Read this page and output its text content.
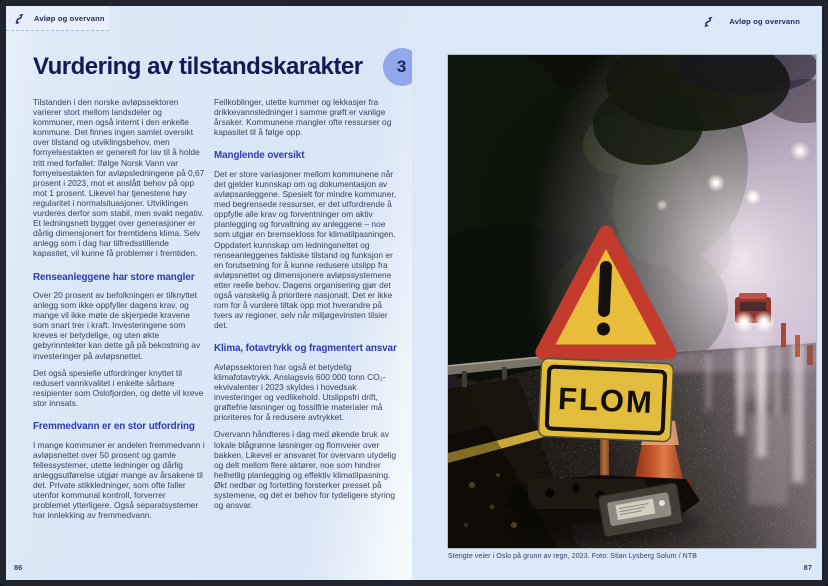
Avløp og overvann
Vurdering av tilstandskarakter	3

Tilstanden i den norske avløpssektoren varierer stort mellom landsdeler og kommuner, men også internt i den enkelte kommune. Det finnes ingen samlet oversikt over tilstand og utviklingsbehov, men fornyelsestakten er generelt for lav til å holde tritt med forfallet: Ifølge Norsk Vann var fornyelsestakten for avløpsledningene på 0,67 prosent i 2023, mot et anslått behov på opp mot 1 prosent. Likevel har tjenestene høy regularitet i normalsituasjoner. Utviklingen vurderes derfor som stabil, men svakt negativ. Et ledningsnett bygget over generasjoner er dårlig dimensjonert for fremtidens klima. Selv anlegg som i dag har tilfredsstillende kapasitet, vil kunne få problemer i fremtiden.

Renseanleggene har store mangler

Over 20 prosent av befolkningen er tilknyttet anlegg som ikke oppfyller dagens krav, og mange vil ikke møte de skjerpede kravene som snart trer i kraft. Investeringene som kreves er betydelige, og uten økte gebyrinntekter kan dette gå på bekostning av investeringer på avløpsnettet.

Det også spesielle utfordringer knyttet til redusert vannkvalitet i enkelte sårbare resipienter som Oslofjorden, og dette vil kreve stor innsats.

Fremmedvann er en stor utfordring

I mange kommuner er andelen fremmedvann i avløpsnettet over 50 prosent og gamle fellessystemer, utette ledninger og dårlig anleggsutførelse utgjør mange av årsakene til det. Private stikkledninger, som ofte faller utenfor kommunal kontroll, forverrer problemet ytterligere. Også separatsystemer har innlekking av fremmedvann.

Feilkoblinger, utette kummer og lekkasjer fra drikkevannsledninger i samme grøft er vanlige årsaker. Kommunene mangler ofte ressurser og kapasitet til å følge opp.

Manglende oversikt

Det er store variasjoner mellom kommunene når det gjelder kunnskap om og dokumentasjon av avløpsanleggene. Spesielt for mindre kommuner, med begrensede ressurser, er det utfordrende å oppfylle alle krav og forventninger om aktiv planlegging og forvaltning av anleggene – noe som utgjør en bremsekloss for klimatilpasningen. Oppdatert kunnskap om ledningsnettet og renseanleggenes faktiske tilstand og funksjon er en forutsetning for å kunne redusere utslipp fra avløpsnettet og dimensjonere avløpssystemene etter reelle behov. Dagens organisering gjør det også vanskelig å prioritere nasjonalt. Det er ikke rom for å vurdere tiltak opp mot hverandre på tvers av regioner, selv når miljøgevinsten tilsier det.

Klima, fotavtrykk og fragmentert ansvar

Avløpssektoren har også et betydelig klimafotavtrykk. Anslagsvis 600 000 tonn CO₂-ekvivalenter i 2023 skyldes i hovedsak investeringer og vedlikehold. Utslippsfri drift, grøftefrie løsninger og fossilfrie materialer må prioriteres for å redusere avtrykket.

Overvann håndteres i dag med økende bruk av lokale blågrønne løsninger og flomveier over bakken. Likevel er ansvaret for overvann utydelig og delt mellom flere aktører, noe som hindrer helhetlig planlegging og effektiv klimatilpasning. Økt nedbør og fortetting forsterker presset på systemene, og det er behov for tydeligere styring og ansvar.

86
Avløp og overvann
FLOM
Stengte veier i Oslo på grunn av regn, 2023. Foto: Stian Lysberg Solum / NTB
87
